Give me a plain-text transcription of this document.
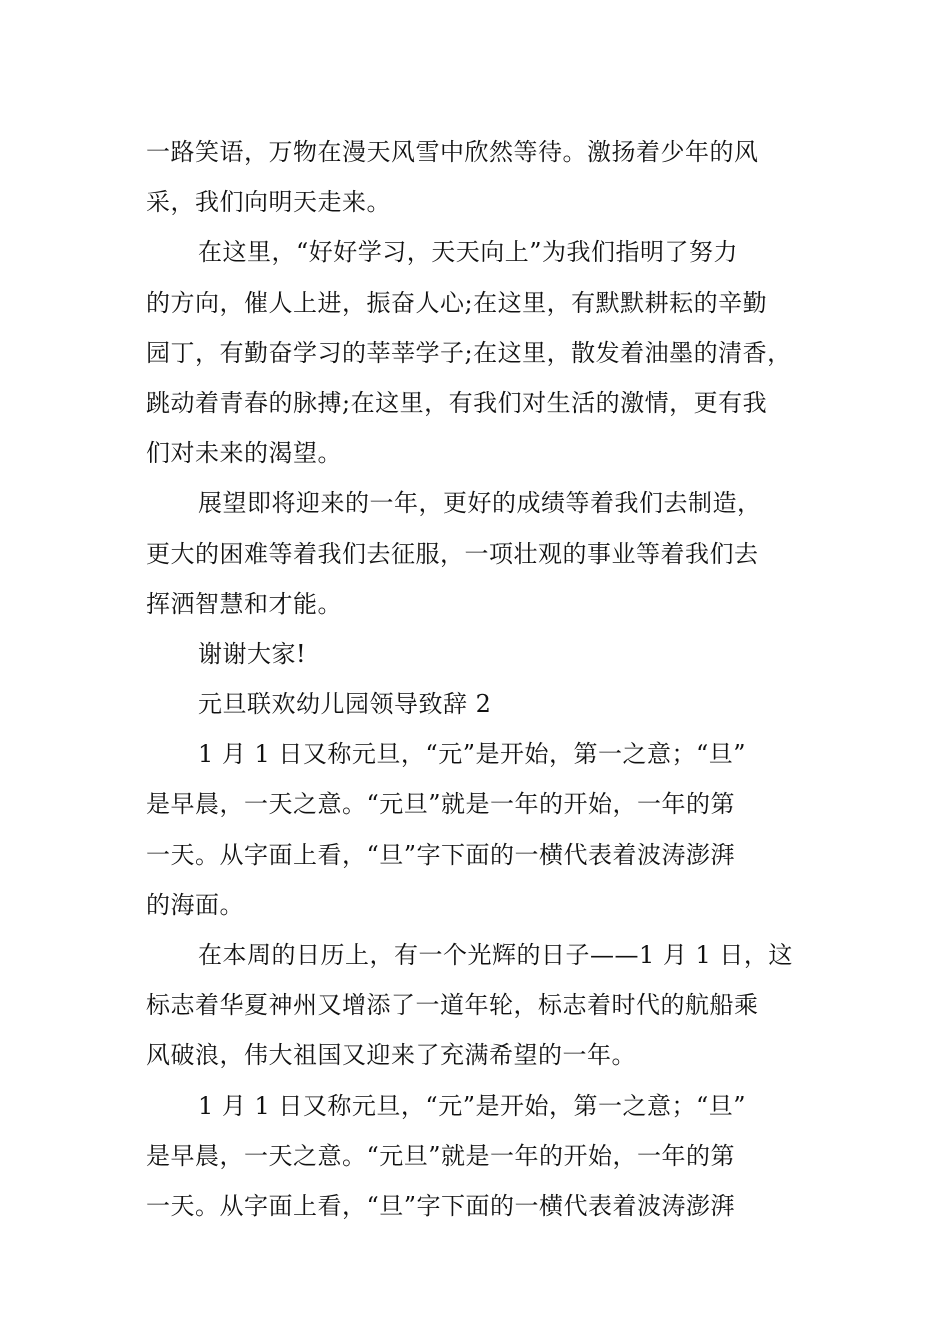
一路笑语，万物在漫天风雪中欣然等待。激扬着少年的风
采，我们向明天走来。
在这里，“好好学习，天天向上”为我们指明了努力
的方向，催人上进，振奋人心;在这里，有默默耕耘的辛勤
园丁，有勤奋学习的莘莘学子;在这里，散发着油墨的清香，
跳动着青春的脉搏;在这里，有我们对生活的激情，更有我
们对未来的渴望。
展望即将迎来的一年，更好的成绩等着我们去制造，
更大的困难等着我们去征服，一项壮观的事业等着我们去
挥洒智慧和才能。
谢谢大家!
元旦联欢幼儿园领导致辞 2
1 月 1 日又称元旦，“元”是开始，第一之意；“旦”
是早晨，一天之意。“元旦”就是一年的开始，一年的第
一天。从字面上看，“旦”字下面的一横代表着波涛澎湃
的海面。
在本周的日历上，有一个光辉的日子——1 月 1 日，这
标志着华夏神州又增添了一道年轮，标志着时代的航船乘
风破浪，伟大祖国又迎来了充满希望的一年。
1 月 1 日又称元旦，“元”是开始，第一之意；“旦”
是早晨，一天之意。“元旦”就是一年的开始，一年的第
一天。从字面上看，“旦”字下面的一横代表着波涛澎湃
